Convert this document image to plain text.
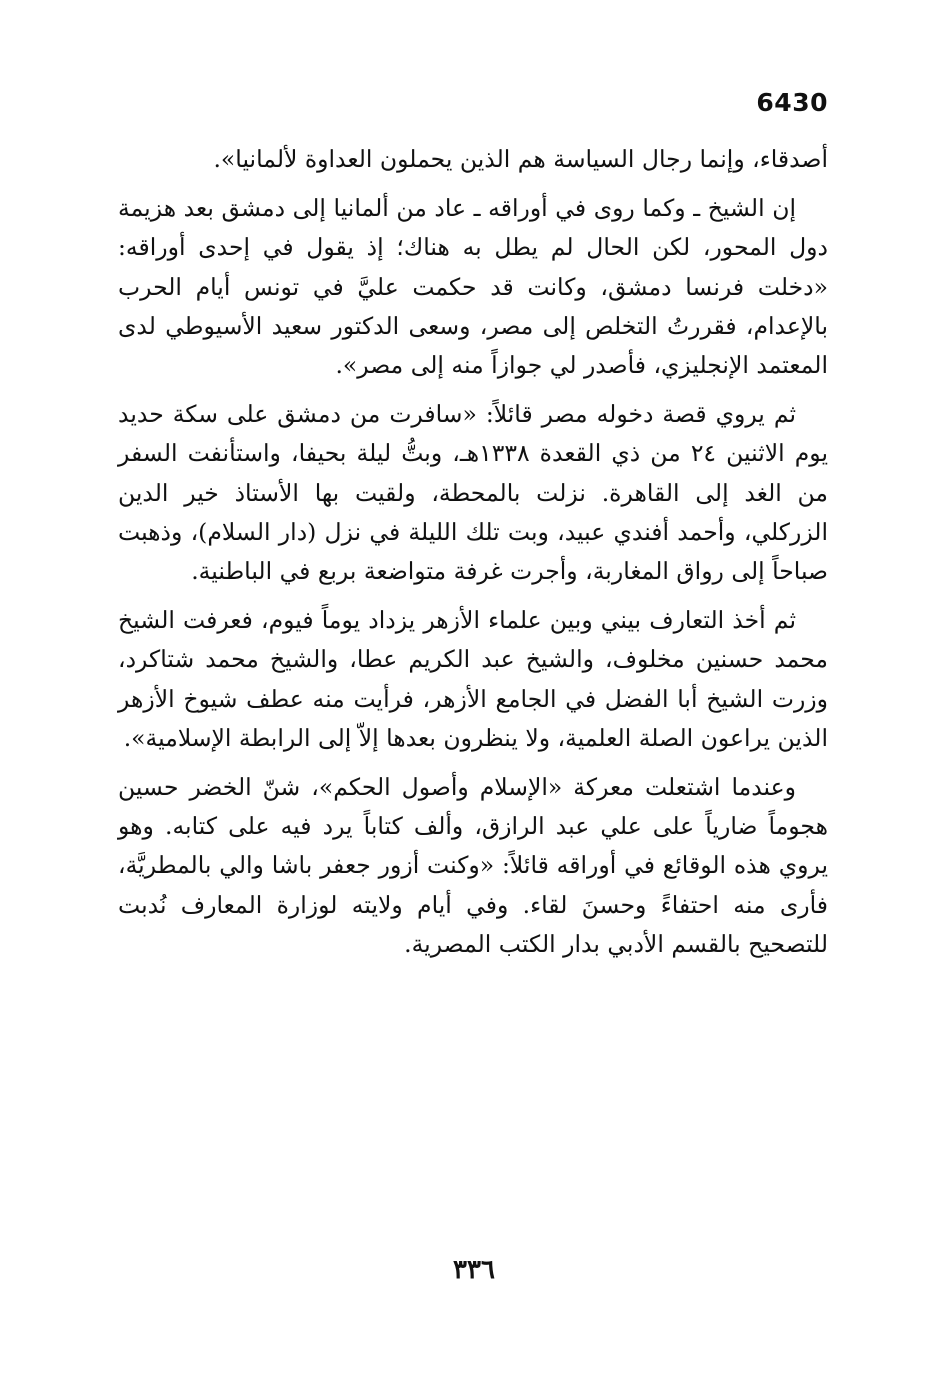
6430

أصدقاء، وإنما رجال السياسة هم الذين يحملون العداوة لألمانيا».

إن الشيخ ـ وكما روى في أوراقه ـ عاد من ألمانيا إلى دمشق بعد هزيمة دول المحور، لكن الحال لم يطل به هناك؛ إذ يقول في إحدى أوراقه: «دخلت فرنسا دمشق، وكانت قد حكمت عليَّ في تونس أيام الحرب بالإعدام، فقررتُ التخلص إلى مصر، وسعى الدكتور سعيد الأسيوطي لدى المعتمد الإنجليزي، فأصدر لي جوازاً منه إلى مصر».

ثم يروي قصة دخوله مصر قائلاً: «سافرت من دمشق على سكة حديد يوم الاثنين ٢٤ من ذي القعدة ١٣٣٨هـ، وبتُّ ليلة بحيفا، واستأنفت السفر من الغد إلى القاهرة. نزلت بالمحطة، ولقيت بها الأستاذ خير الدين الزركلي، وأحمد أفندي عبيد، وبت تلك الليلة في نزل (دار السلام)، وذهبت صباحاً إلى رواق المغاربة، وأجرت غرفة متواضعة بربع في الباطنية.

ثم أخذ التعارف بيني وبين علماء الأزهر يزداد يوماً فيوم، فعرفت الشيخ محمد حسنين مخلوف، والشيخ عبد الكريم عطا، والشيخ محمد شتاكرد، وزرت الشيخ أبا الفضل في الجامع الأزهر، فرأيت منه عطف شيوخ الأزهر الذين يراعون الصلة العلمية، ولا ينظرون بعدها إلاّ إلى الرابطة الإسلامية».

وعندما اشتعلت معركة «الإسلام وأصول الحكم»، شنّ الخضر حسين هجوماً ضارياً على علي عبد الرازق، وألف كتاباً يرد فيه على كتابه. وهو يروي هذه الوقائع في أوراقه قائلاً: «وكنت أزور جعفر باشا والي بالمطريَّة، فأرى منه احتفاءً وحسنَ لقاء. وفي أيام ولايته لوزارة المعارف نُدبت للتصحيح بالقسم الأدبي بدار الكتب المصرية.

٣٣٦
